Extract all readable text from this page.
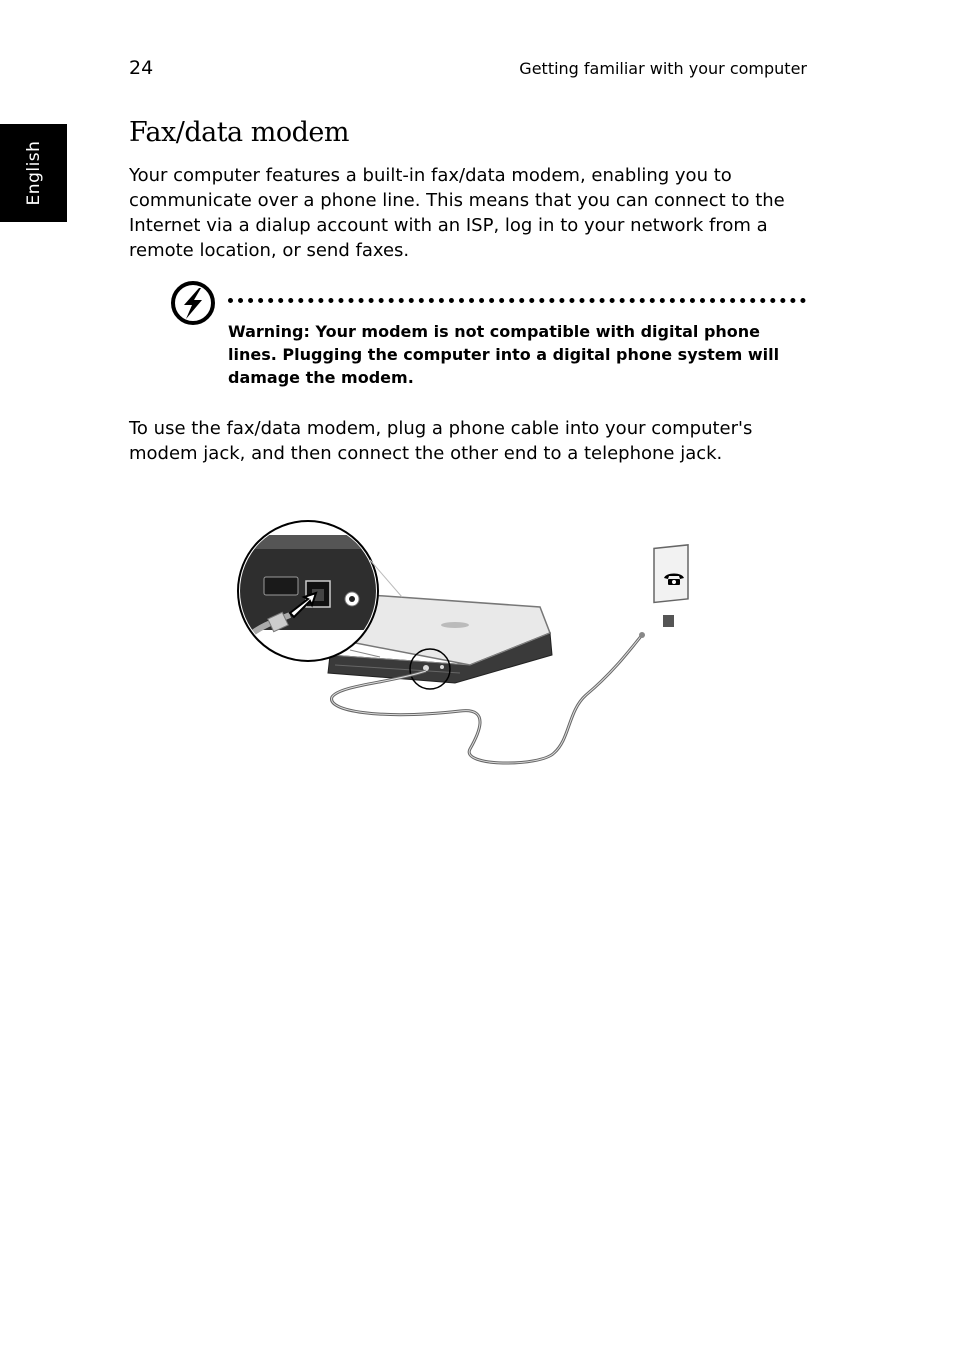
24	Getting familiar with your computer
English
Fax/data modem

Your computer features a built-in fax/data modem, enabling you to communicate over a phone line. This means that you can connect to the Internet via a dialup account with an ISP, log in to your network from a remote location, or send faxes.

Warning: Your modem is not compatible with digital phone lines. Plugging the computer into a digital phone system will damage the modem.

To use the fax/data modem, plug a phone cable into your computer's modem jack, and then connect the other end to a telephone jack.
